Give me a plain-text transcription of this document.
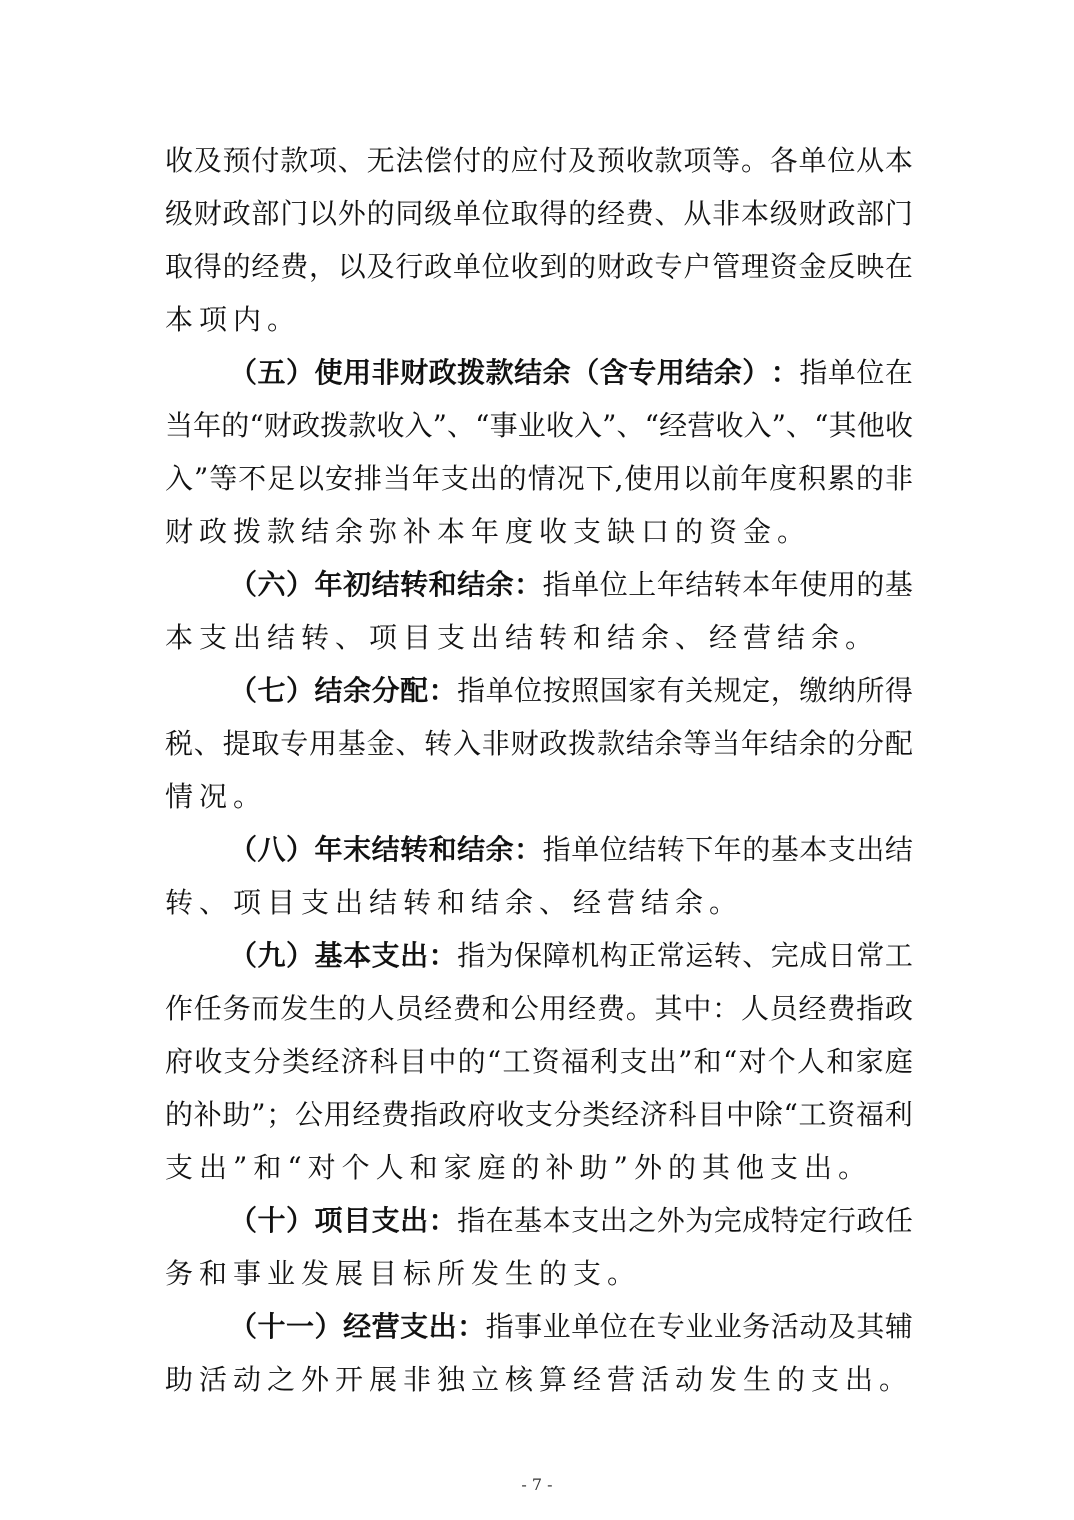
收 及 预 付 款 项 、 无 法 偿 付 的 应 付 及 预 收 款 项 等 。 各 单 位 从 本
级 财 政 部 门 以 外 的 同 级 单 位 取 得 的 经 费 、 从 非 本 级 财 政 部 门
取 得 的 经 费 ， 以 及 行 政 单 位 收 到 的 财 政 专 户 管 理 资 金 反 映 在
本项内。
（ 五 ） 使 用 非 财 政 拨 款 结 余 （ 含 专 用 结 余 ） ： 指 单 位 在
当 年 的 “ 财 政 拨 款 收 入 ” 、 “ 事 业 收 入 ” 、 “ 经 营 收 入 ” 、 “ 其 他 收
入 ” 等 不 足 以 安 排 当 年 支 出 的 情 况 下 , 使 用 以 前 年 度 积 累 的 非
财政拨款结余弥补本年度收支缺口的资金。
（ 六 ） 年 初 结 转 和 结 余 ： 指 单 位 上 年 结 转 本 年 使 用 的 基
本支出结转、项目支出结转和结余、经营结余。
（ 七 ） 结 余 分 配 ： 指 单 位 按 照 国 家 有 关 规 定 ， 缴 纳 所 得
税 、 提 取 专 用 基 金 、 转 入 非 财 政 拨 款 结 余 等 当 年 结 余 的 分 配
情况。
（ 八 ） 年 末 结 转 和 结 余 ： 指 单 位 结 转 下 年 的 基 本 支 出 结
转、项目支出结转和结余、经营结余。
（ 九 ） 基 本 支 出 ： 指 为 保 障 机 构 正 常 运 转 、 完 成 日 常 工
作 任 务 而 发 生 的 人 员 经 费 和 公 用 经 费 。 其 中 ： 人 员 经 费 指 政
府 收 支 分 类 经 济 科 目 中 的 “ 工 资 福 利 支 出 ” 和 “ 对 个 人 和 家 庭
的 补 助 ” ； 公 用 经 费 指 政 府 收 支 分 类 经 济 科 目 中 除 “ 工 资 福 利
支出”和“对个人和家庭的补助”外的其他支出。
（ 十 ） 项 目 支 出 ： 指 在 基 本 支 出 之 外 为 完 成 特 定 行 政 任
务和事业发展目标所发生的支。
（ 十 一 ） 经 营 支 出 ： 指 事 业 单 位 在 专 业 业 务 活 动 及 其 辅
助活动之外开展非独立核算经营活动发生的支出。
- 7 -
